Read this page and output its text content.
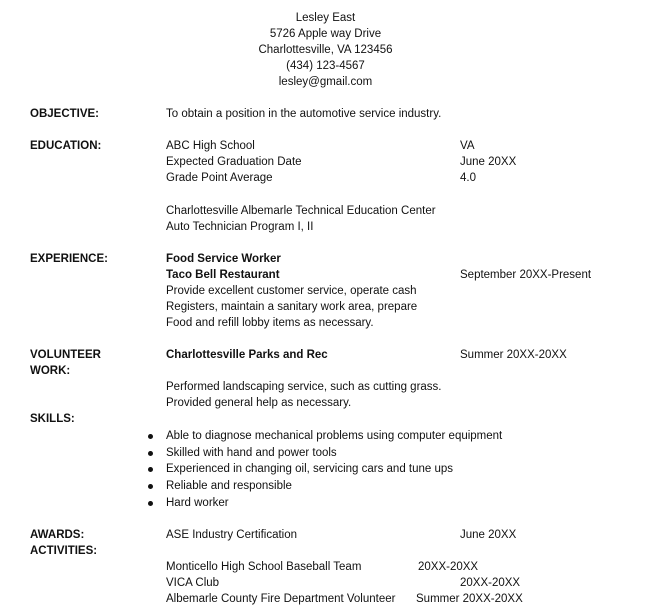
Lesley East
5726 Apple way Drive
Charlottesville, VA 123456
(434) 123-4567
lesley@gmail.com
OBJECTIVE:	To obtain a position in the automotive service industry.
EDUCATION:	ABC High School	VA
Expected Graduation Date	June 20XX
Grade Point Average	4.0
Charlottesville Albemarle Technical Education Center
Auto Technician Program I, II
EXPERIENCE:	Food Service Worker
Taco Bell Restaurant	September 20XX-Present
Provide excellent customer service, operate cash
Registers, maintain a sanitary work area, prepare
Food and refill lobby items as necessary.
VOLUNTEER
WORK:
Charlottesville Parks and Rec	Summer 20XX-20XX
Performed landscaping service, such as cutting grass.
Provided general help as necessary.
SKILLS:
Able to diagnose mechanical problems using computer equipment
Skilled with hand and power tools
Experienced in changing oil, servicing cars and tune ups
Reliable and responsible
Hard worker
AWARDS:
ACTIVITIES:
ASE Industry Certification	June 20XX
Monticello High School Baseball Team	20XX-20XX
VICA Club	20XX-20XX
Albemarle County Fire Department Volunteer Summer 20XX-20XX
